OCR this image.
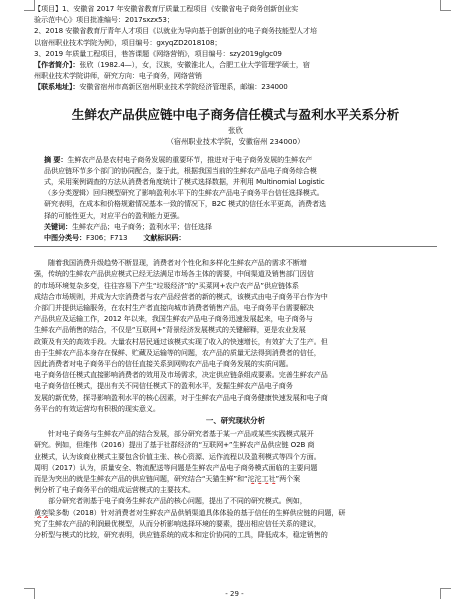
【项目】1、安徽省 2017 年安徽省教育厅质量工程项目《安徽省电子商务创新创业实
验示范中心》项目批准编号：2017sxzx53；
2、2018 安徽省教育厅青年人才项目《以就业为导向基于创新创业的电子商务技能型人才培
以宿州职业技术学院为例》，项目编号：gxyqZD2018108；
3、2019 年质量工程项目，巷答课题《网络营销》，项目编号：szy2019glgc09
【作者简介】：张欣（1982.4—），女，汉族，安徽淮北人，合肥工业大学管理学硕士，宿
州职业技术学院讲师，研究方向：电子商务，网络营销
【联系地址】：安徽省宿州市高新区宿州职业技术学院经济管理系，邮编：234000
生鲜农产品供应链中电子商务信任模式与盈利水平关系分析
张欣
（宿州职业技术学院，安徽宿州 234000）
摘 要：生鲜农产品是农村电子商务发展的重要环节，推进对于电子商务发展的生鲜农产
品供应链环节多个部门的协同配合，鉴于此，根据我国当前的生鲜农产品电子商务综合模
式，采用案例调查的方法从消费者角度统计了模式选择数据，并利用 Multinomial Logistic
（多分类逻辑）回归模型研究了影响盈利水平下的生鲜农产品电子商务平台信任选择模式。
研究表明，在成本和价格规避情况基本一致的情况下，B2C 模式的信任水平更高，消费者选
择的可能性更大，对应平台的盈利能力更强。
关键词：生鲜农产品；电子商务；盈利水平；信任选择
中图分类号：F306；F713 文献标识码：
随着我国消费升级趋势不断显现，消费者对个性化和多样化生鲜农产品的需求不断增
强，传统的生鲜农产品供应模式已经无法满足市场各主体的需要，中间渠道及销售部门因信
的市场环境复杂多变，往往容易下产生“垃圾经济”的“买菜网+农户农产品”供应链体系
成结合市场规则，并成为大宗消费者与农产品经营者的新的模式，该模式由电子商务平台作为中
介部门并提供运输服务，在农村生产者直接向城市消费者销售产品，电子商务平台需要解决
产品供应及运输工作，2012 年以来，我国生鲜农产品电子商务迅速发展起来，电子商务与
生鲜农产品销售的结合，不仅是“互联网+”背景经济发展模式的关键解释，更是农业发展
政策及有关的高效手段。大量农村居民通过该模式实现了收入的快速增长，有效扩大了生产。但
由于生鲜农产品本身存在保鲜、贮藏及运输等的问题，农产品的质量无法得到消费者的信任，
因此消费者对电子商务平台的信任直接关系到网购农产品电子商务发展的实质问题。
电子商务信任模式直接影响消费者的效用及市场需求，决定供应链条组成要素。完善生鲜农产品
电子商务信任模式，提出有关不同信任模式下的盈利水平，发掘生鲜农产品电子商务
发展的新优势，探寻影响盈利水平的核心因素，对于生鲜农产品电子商务健康快速发展和电子商
务平台的有效运营均有积极的现实意义。
一、研究现状分析
针对电子商务与生鲜农产品的结合发展，部分研究者基于某一产品或某些实践模式展开
研究。例如，但维伟（2016）提出了基于社群经济的“互联网+”生鲜农产品供应链 O2B 商
业模式，认为该商业模式主要包含价值主张、核心资源、运作流程以及盈利模式等四个方面。
周明（2017）认为，质量安全、物流配送等问题是生鲜农产品电子商务模式面临的主要问题
而是为突出的就是生鲜农产品的供应链问题，研究结合“天猫生鲜”和“沱沱工社”两个案
例分析了电子商务平台的组成运营模式的主要技术。
部分研究者则基于电子商务生鲜农产品的核心问题，提出了不同的研究模式。例如，
黄奕梁多勒（2018）针对消费者对生鲜农产品供销渠道具体体验的基于信任的生鲜供应链的问题，研
究了生鲜农产品的利润最优模型，从而分析影响选择环境的要素，提出相应信任关系的建议，
分析型与模式的比较，研究表明，供应链系统的成本和定价协同的工具，降低成本，稳定销售的
- 29 -
